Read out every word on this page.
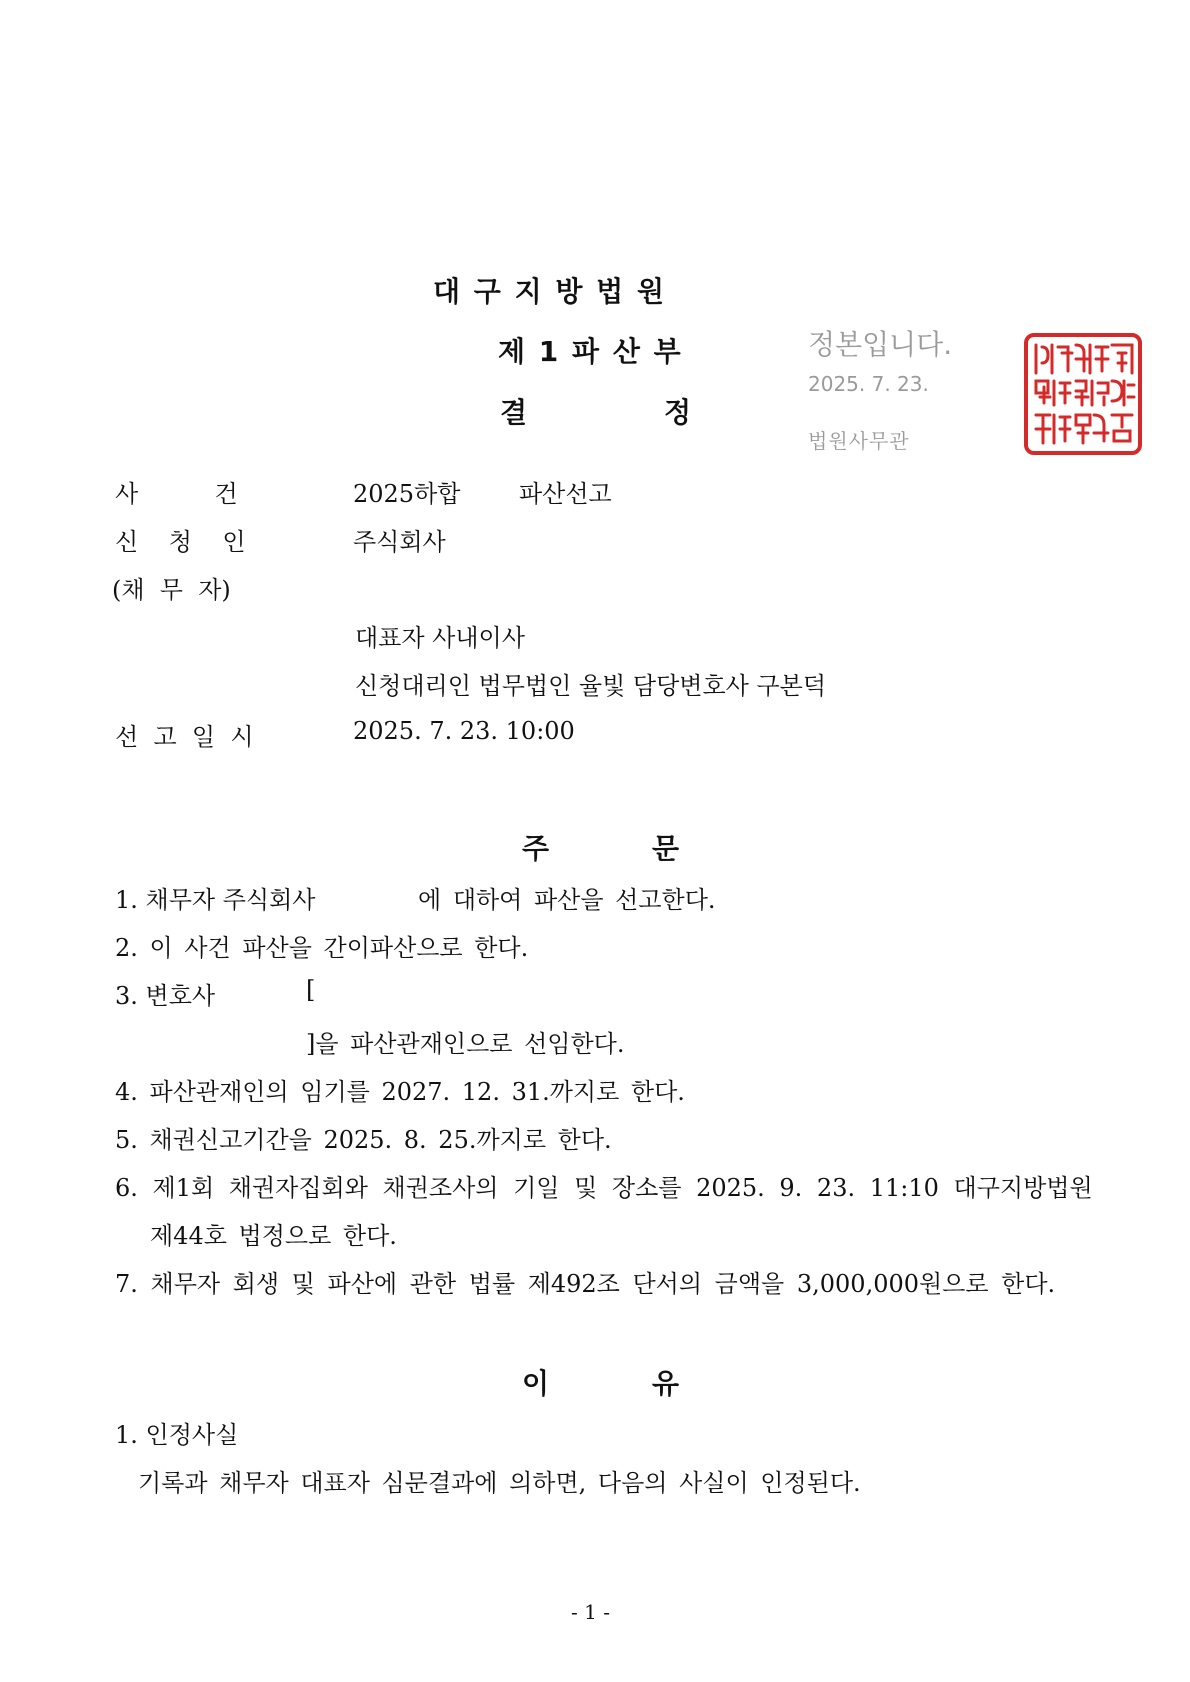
대 구 지 방 법 원
제 1 파 산 부
결	정
정본입니다.
2025. 7. 23.
법원사무관
사          건	2025하합 파산선고
신    청    인	주식회사
(채  무  자)
대표자 사내이사
신청대리인 법무법인 율빛 담당변호사 구본덕
선  고  일  시	2025. 7. 23. 10:00
주	문
1. 채무자 주식회사	에 대하여 파산을 선고한다.
2. 이 사건 파산을 간이파산으로 한다.
3. 변호사	[
]을 파산관재인으로 선임한다.
4. 파산관재인의 임기를 2027. 12. 31.까지로 한다.
5. 채권신고기간을 2025. 8. 25.까지로 한다.
6. 제1회 채권자집회와 채권조사의 기일 및 장소를 2025. 9. 23. 11:10 대구지방법원
제44호 법정으로 한다.
7. 채무자 회생 및 파산에 관한 법률 제492조 단서의 금액을 3,000,000원으로 한다.
이	유
1. 인정사실
기록과 채무자 대표자 심문결과에 의하면, 다음의 사실이 인정된다.
- 1 -
